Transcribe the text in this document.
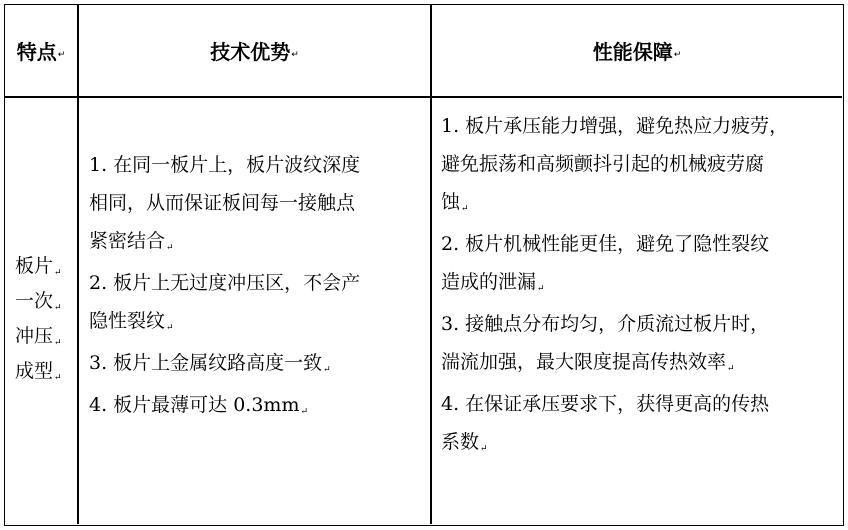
特点 ↵	技术优势 ↵	性能保障 ↵
板片↵
一次↵
冲压↵
成型↵
1. 在同一板片上，板片波纹深度
相同，从而保证板间每一接触点
紧密结合↵
2. 板片上无过度冲压区，不会产
隐性裂纹↵
3. 板片上金属纹路高度一致↵
4. 板片最薄可达 0.3mm↵
1. 板片承压能力增强，避免热应力疲劳，
避免振荡和高频颤抖引起的机械疲劳腐
蚀↵
2. 板片机械性能更佳，避免了隐性裂纹
造成的泄漏↵
3. 接触点分布均匀，介质流过板片时，
湍流加强，最大限度提高传热效率↵
4. 在保证承压要求下，获得更高的传热
系数↵
